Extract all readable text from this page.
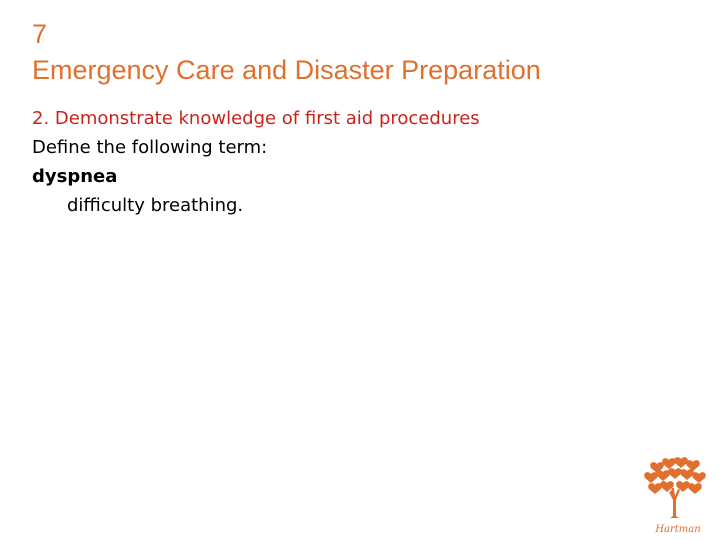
7
Emergency Care and Disaster Preparation
2. Demonstrate knowledge of first aid procedures
Define the following term:
dyspnea
difficulty breathing.
Hartman
